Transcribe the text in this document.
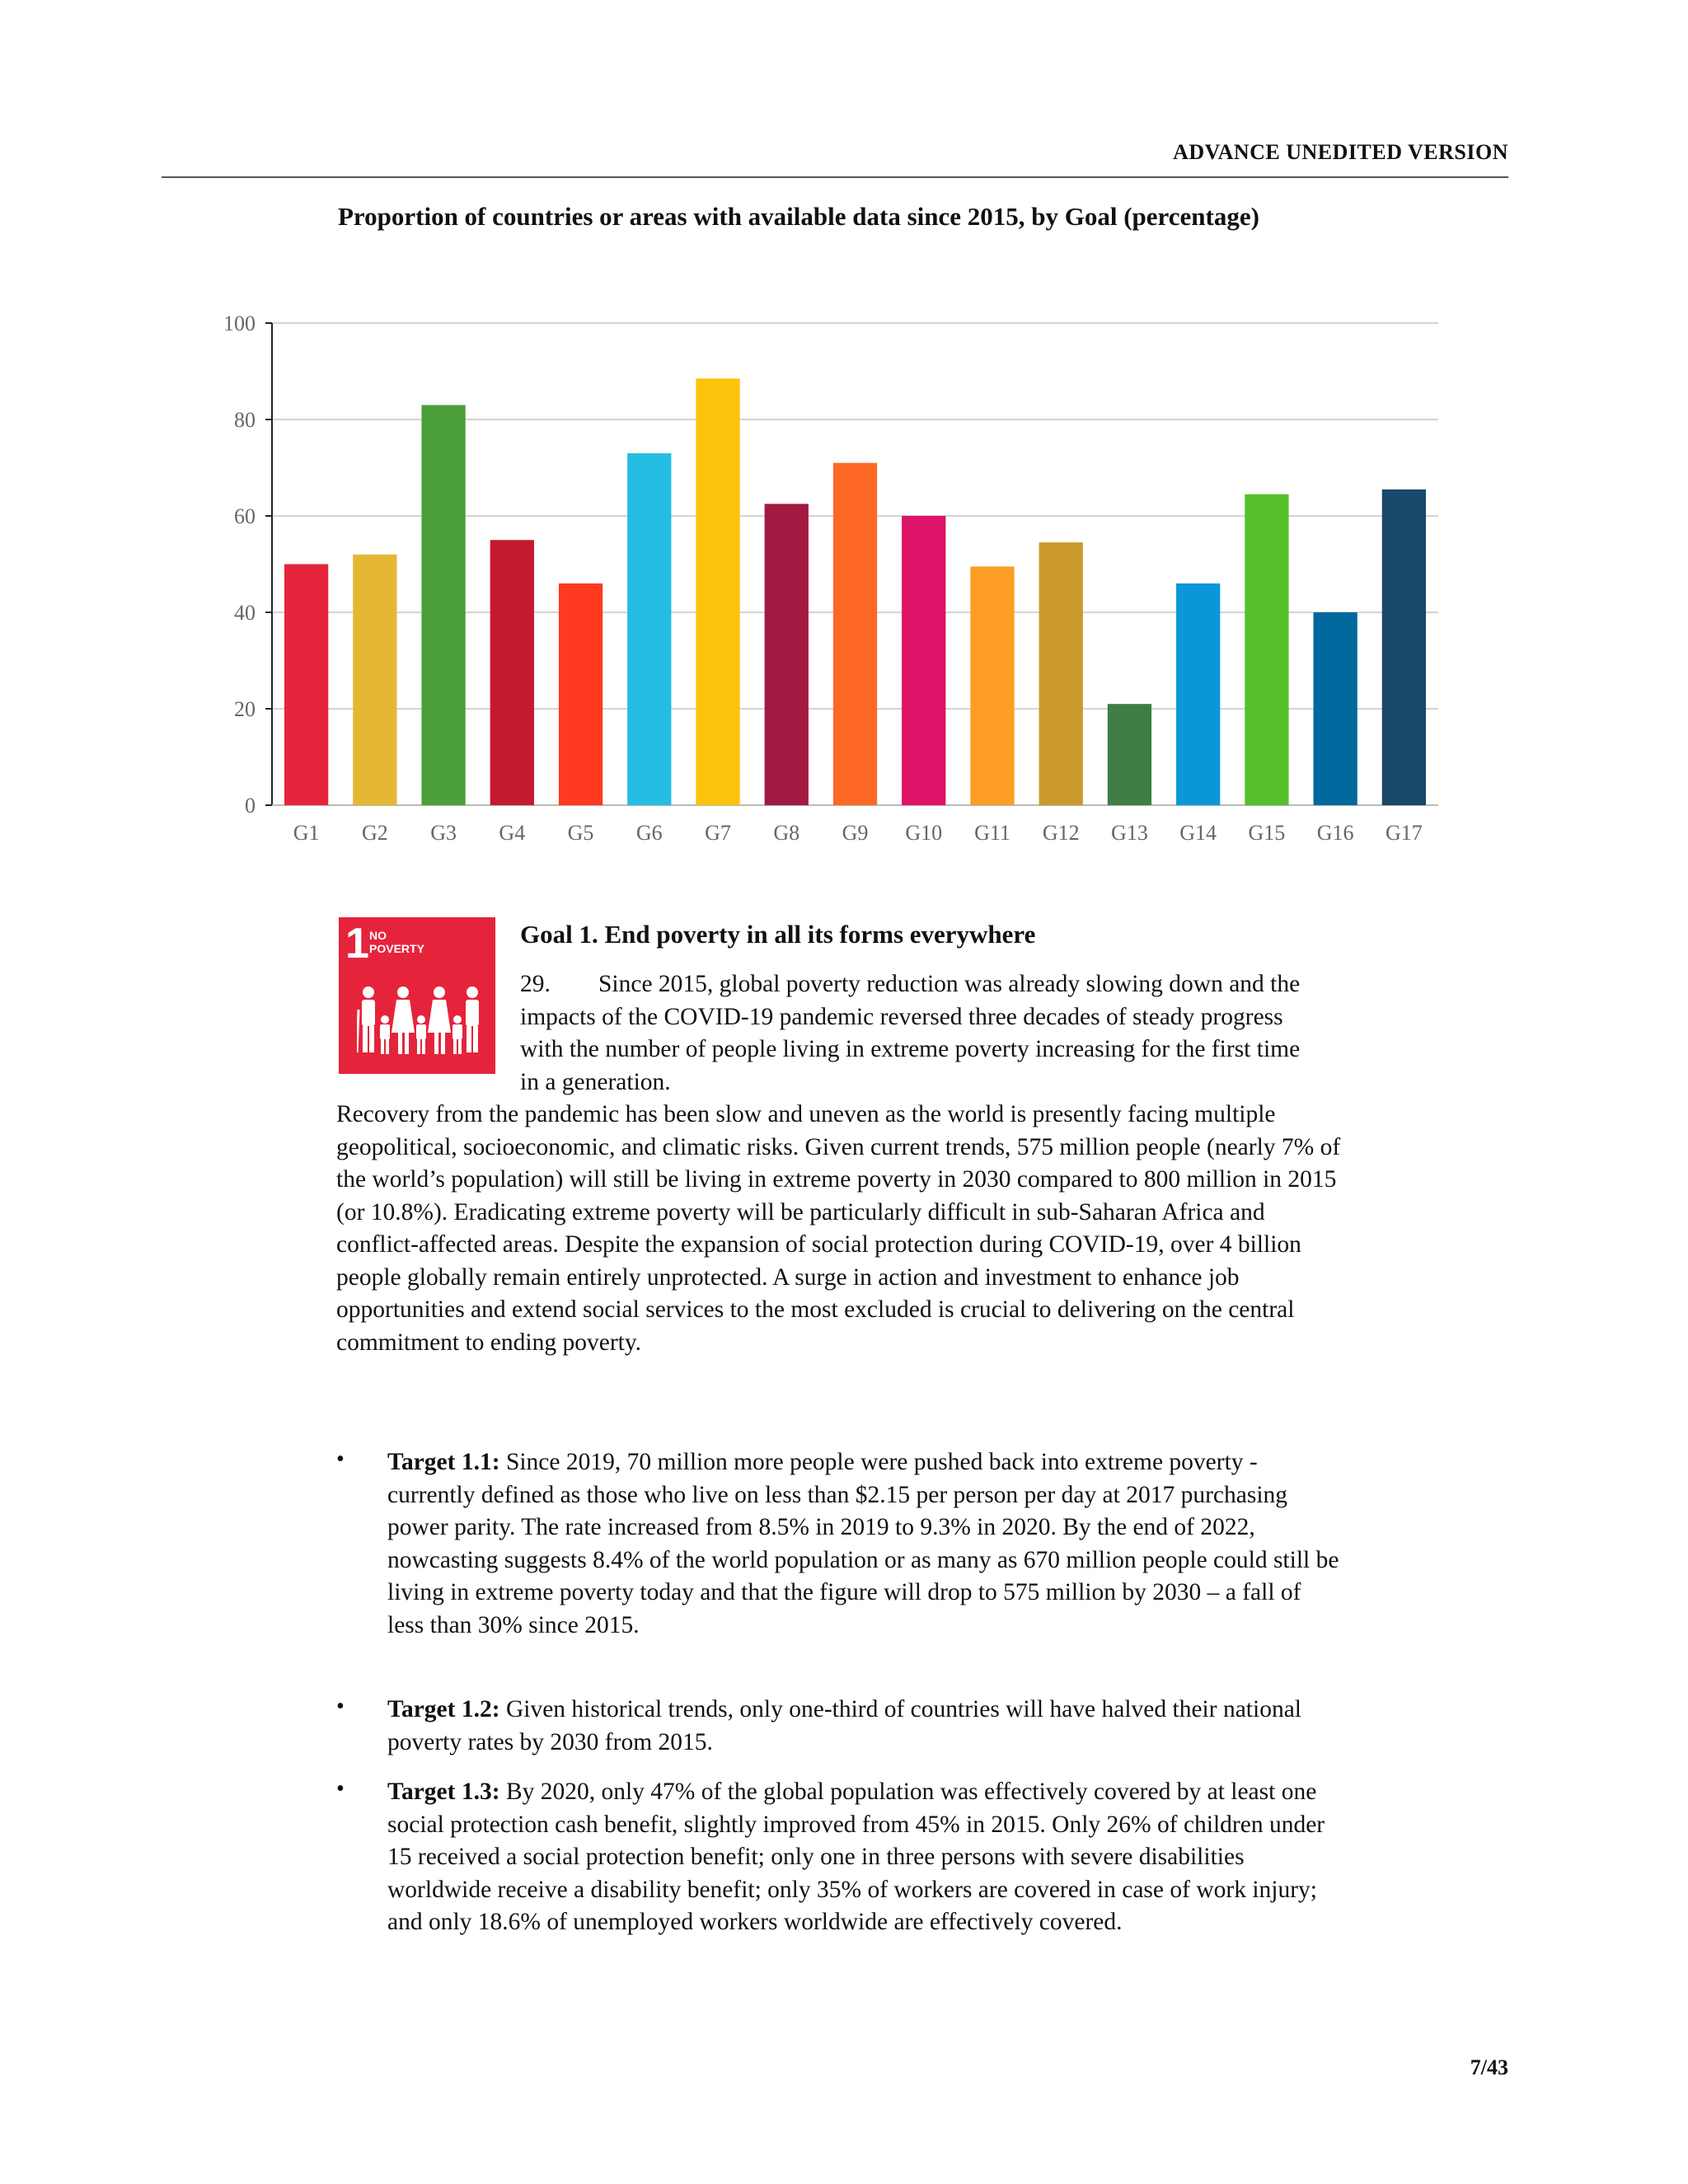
ADVANCE UNEDITED VERSION
Proportion of countries or areas with available data since 2015, by Goal (percentage)
0
20
40
60
80
100
G1 G2 G3 G4 G5 G6 G7 G8 G9 G10 G11 G12 G13 G14 G15 G16 G17
1 NO
POVERTY	Goal 1. End poverty in all its forms everywhere
29. Since 2015, global poverty reduction was already slowing down and the impacts of the COVID-19 pandemic reversed three decades of steady progress with the number of people living in extreme poverty increasing for the first time in a generation.
Recovery from the pandemic has been slow and uneven as the world is presently facing multiple geopolitical, socioeconomic, and climatic risks. Given current trends, 575 million people (nearly 7% of the world’s population) will still be living in extreme poverty in 2030 compared to 800 million in 2015 (or 10.8%). Eradicating extreme poverty will be particularly difficult in sub-Saharan Africa and conflict-affected areas. Despite the expansion of social protection during COVID-19, over 4 billion people globally remain entirely unprotected. A surge in action and investment to enhance job opportunities and extend social services to the most excluded is crucial to delivering on the central commitment to ending poverty.
• Target 1.1: Since 2019, 70 million more people were pushed back into extreme poverty - currently defined as those who live on less than $2.15 per person per day at 2017 purchasing power parity. The rate increased from 8.5% in 2019 to 9.3% in 2020. By the end of 2022, nowcasting suggests 8.4% of the world population or as many as 670 million people could still be living in extreme poverty today and that the figure will drop to 575 million by 2030 – a fall of less than 30% since 2015.
• Target 1.2: Given historical trends, only one-third of countries will have halved their national poverty rates by 2030 from 2015.
• Target 1.3: By 2020, only 47% of the global population was effectively covered by at least one social protection cash benefit, slightly improved from 45% in 2015. Only 26% of children under 15 received a social protection benefit; only one in three persons with severe disabilities worldwide receive a disability benefit; only 35% of workers are covered in case of work injury; and only 18.6% of unemployed workers worldwide are effectively covered.
7/43
